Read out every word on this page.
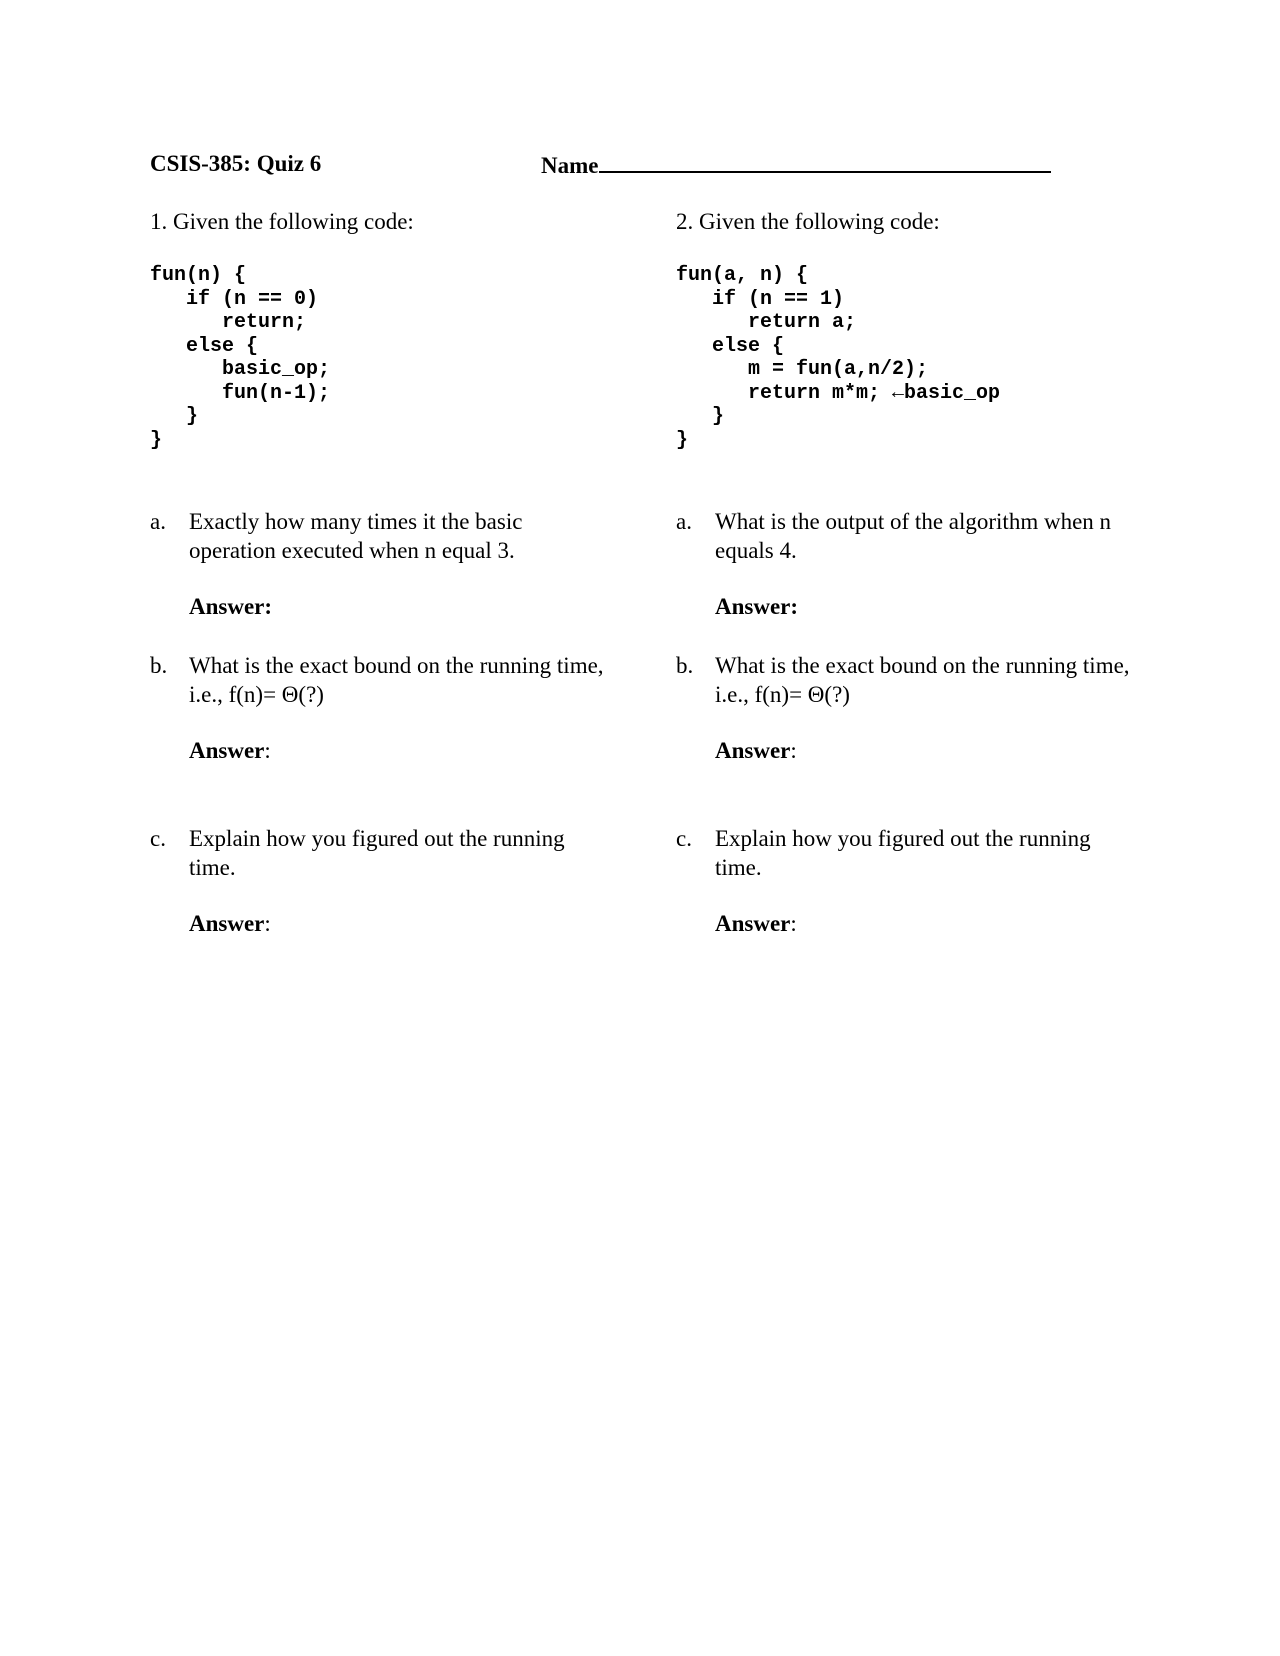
CSIS-385: Quiz 6	Name
1. Given the following code:
fun(n) {
if (n == 0)
return;
else {
basic_op;
fun(n-1);
}
}
a. Exactly how many times it the basic operation executed when n equal 3.
Answer:
b. What is the exact bound on the running time, i.e., f(n)= Θ(?)
Answer:
c. Explain how you figured out the running time.
Answer:
2. Given the following code:
fun(a, n) {
if (n == 1)
return a;
else {
m = fun(a,n/2);
return m*m; ←basic_op
}
}
a. What is the output of the algorithm when n equals 4.
Answer:
b. What is the exact bound on the running time, i.e., f(n)= Θ(?)
Answer:
c. Explain how you figured out the running time.
Answer:
